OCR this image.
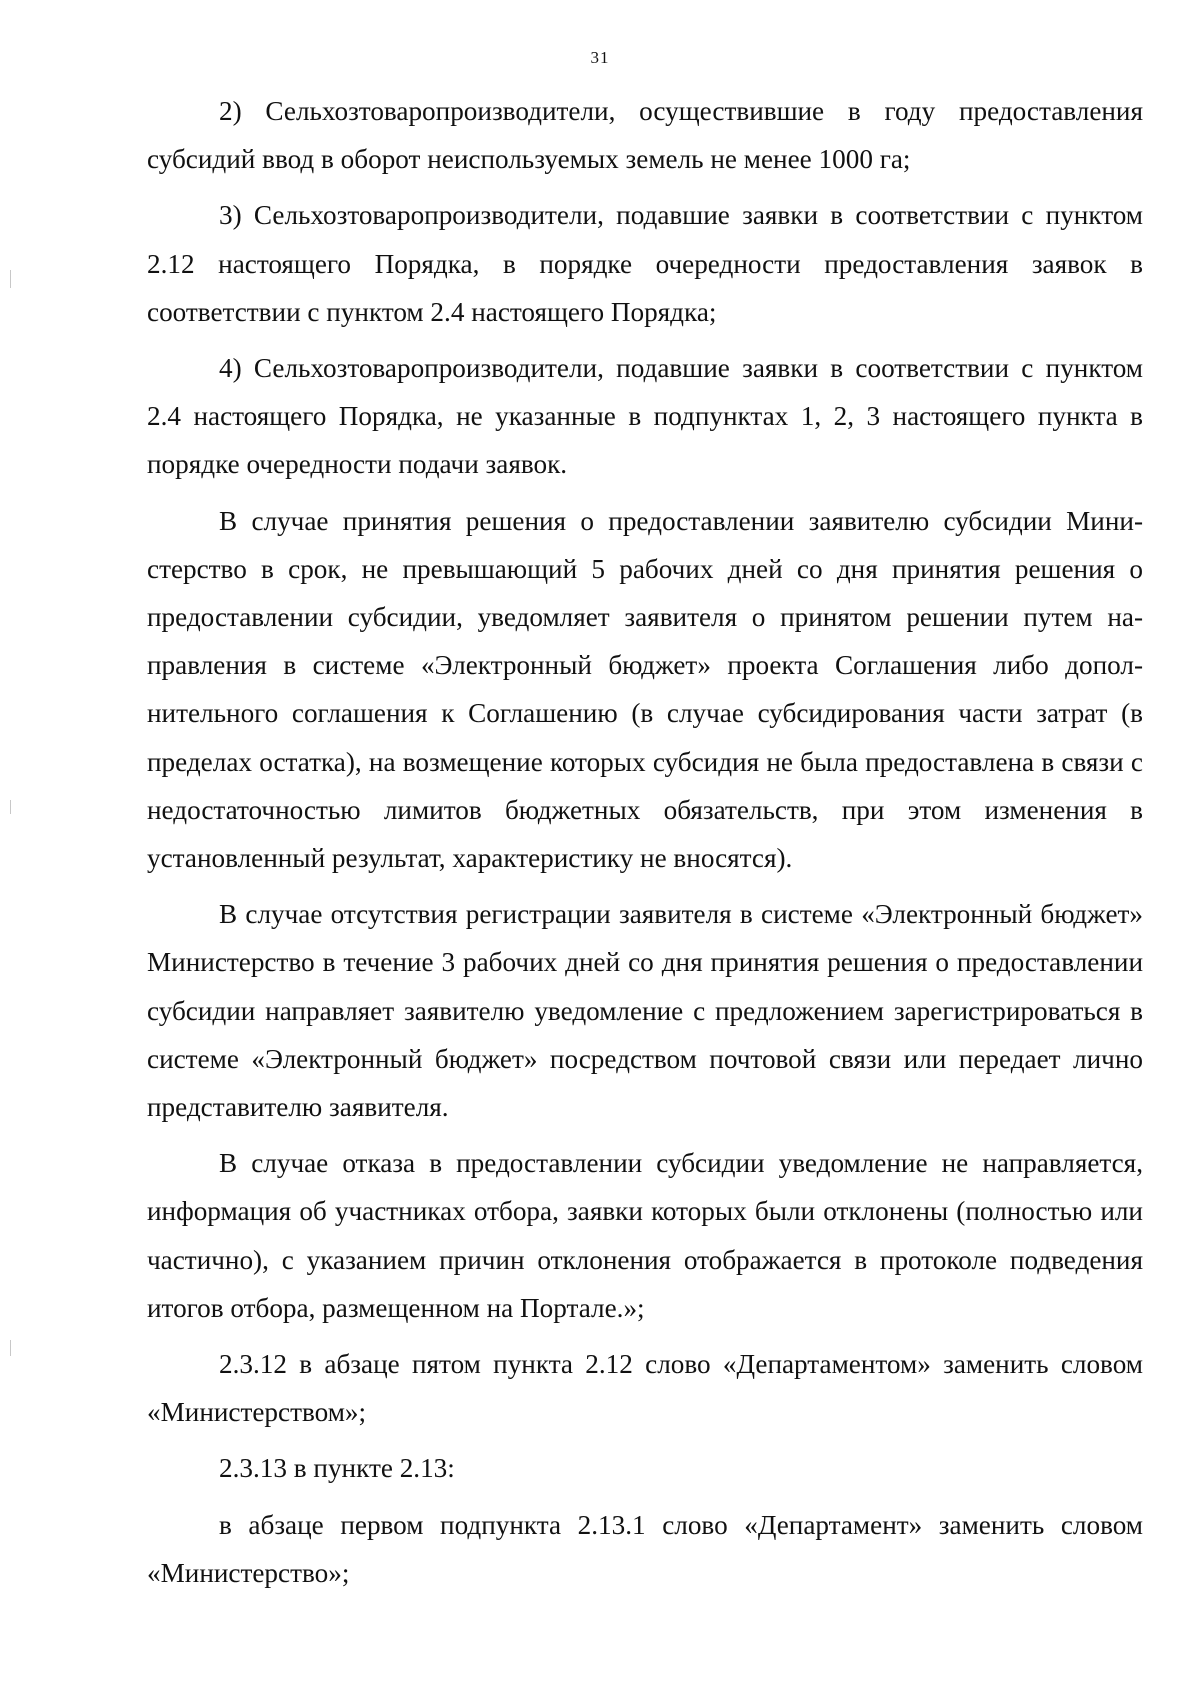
31

2) Сельхозтоваропроизводители, осуществившие в году предоставления субсидий ввод в оборот неиспользуемых земель не менее 1000 га;

3) Сельхозтоваропроизводители, подавшие заявки в соответствии с пунктом 2.12 настоящего Порядка, в порядке очередности предоставления заявок в соответствии с пунктом 2.4 настоящего Порядка;

4) Сельхозтоваропроизводители, подавшие заявки в соответствии с пунктом 2.4 настоящего Порядка, не указанные в подпунктах 1, 2, 3 настоящего пункта в порядке очередности подачи заявок.

В случае принятия решения о предоставлении заявителю субсидии Министерство в срок, не превышающий 5 рабочих дней со дня принятия решения о предоставлении субсидии, уведомляет заявителя о принятом решении путем направления в системе «Электронный бюджет» проекта Соглашения либо дополнительного соглашения к Соглашению (в случае субсидирования части затрат (в пределах остатка), на возмещение которых субсидия не была предоставлена в связи с недостаточностью лимитов бюджетных обязательств, при этом изменения в установленный результат, характеристику не вносятся).

В случае отсутствия регистрации заявителя в системе «Электронный бюджет» Министерство в течение 3 рабочих дней со дня принятия решения о предоставлении субсидии направляет заявителю уведомление с предложением зарегистрироваться в системе «Электронный бюджет» посредством почтовой связи или передает лично представителю заявителя.

В случае отказа в предоставлении субсидии уведомление не направляется, информация об участниках отбора, заявки которых были отклонены (полностью или частично), с указанием причин отклонения отображается в протоколе подведения итогов отбора, размещенном на Портале.»;

2.3.12 в абзаце пятом пункта 2.12 слово «Департаментом» заменить словом «Министерством»;

2.3.13 в пункте 2.13:

в абзаце первом подпункта 2.13.1 слово «Департамент» заменить словом «Министерство»;
